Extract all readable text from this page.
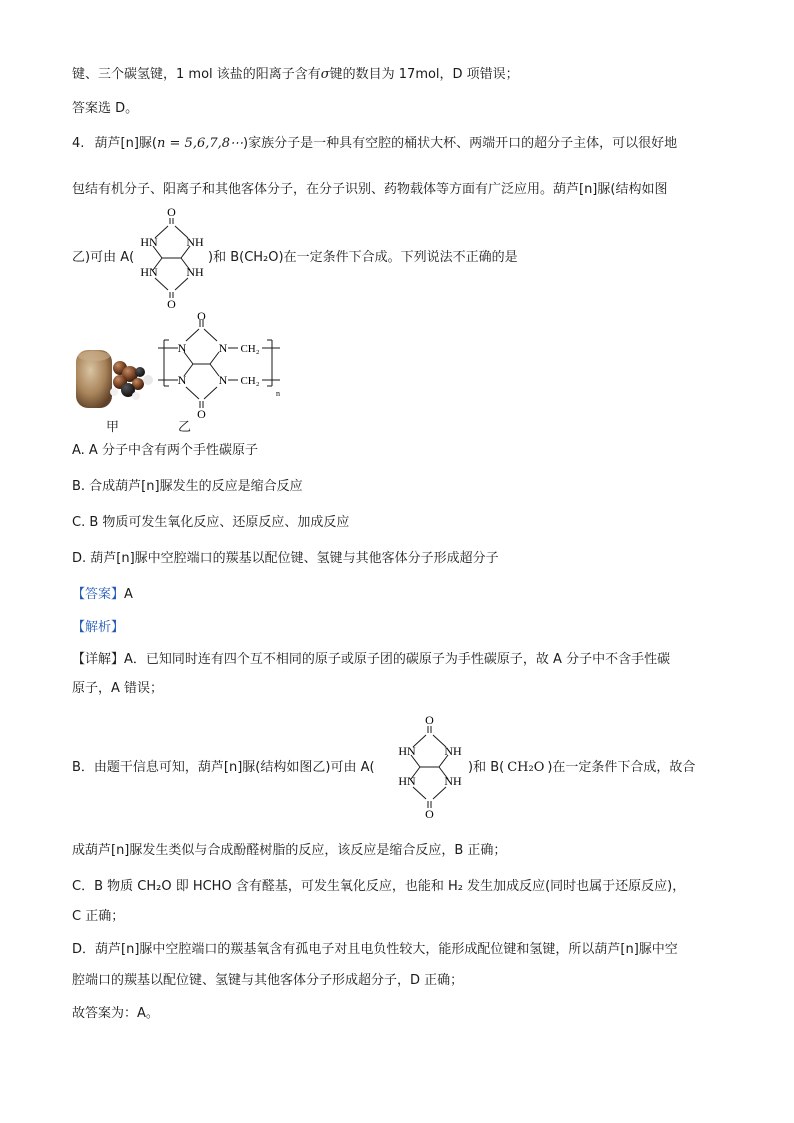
键、三个碳氢键，1 mol 该盐的阳离子含有σ键的数目为 17mol，D 项错误；
答案选 D。
4. 葫芦[n]脲(n = 5,6,7,8⋯)家族分子是一种具有空腔的桶状大杯、两端开口的超分子主体，可以很好地
包结有机分子、阳离子和其他客体分子，在分子识别、药物载体等方面有广泛应用。葫芦[n]脲(结构如图
乙)可由 A(
O
HN NH
HN NH
O
)和 B(CH₂O)在一定条件下合成。下列说法不正确的是
甲
O
N	N
N	N
O
CH₂
CH₂
n
乙
A. A 分子中含有两个手性碳原子
B. 合成葫芦[n]脲发生的反应是缩合反应
C. B 物质可发生氧化反应、还原反应、加成反应
D. 葫芦[n]脲中空腔端口的羰基以配位键、氢键与其他客体分子形成超分子
【答案】A
【解析】
【详解】A．已知同时连有四个互不相同的原子或原子团的碳原子为手性碳原子，故 A 分子中不含手性碳
原子，A 错误；
B．由题干信息可知，葫芦[n]脲(结构如图乙)可由 A(
O
HN NH
HN NH
O
)和 B( CH₂O )在一定条件下合成，故合
成葫芦[n]脲发生类似与合成酚醛树脂的反应，该反应是缩合反应，B 正确；
C．B 物质 CH₂O 即 HCHO 含有醛基，可发生氧化反应，也能和 H₂ 发生加成反应(同时也属于还原反应)，
C 正确；
D．葫芦[n]脲中空腔端口的羰基氧含有孤电子对且电负性较大，能形成配位键和氢键，所以葫芦[n]脲中空
腔端口的羰基以配位键、氢键与其他客体分子形成超分子，D 正确；
故答案为：A。
